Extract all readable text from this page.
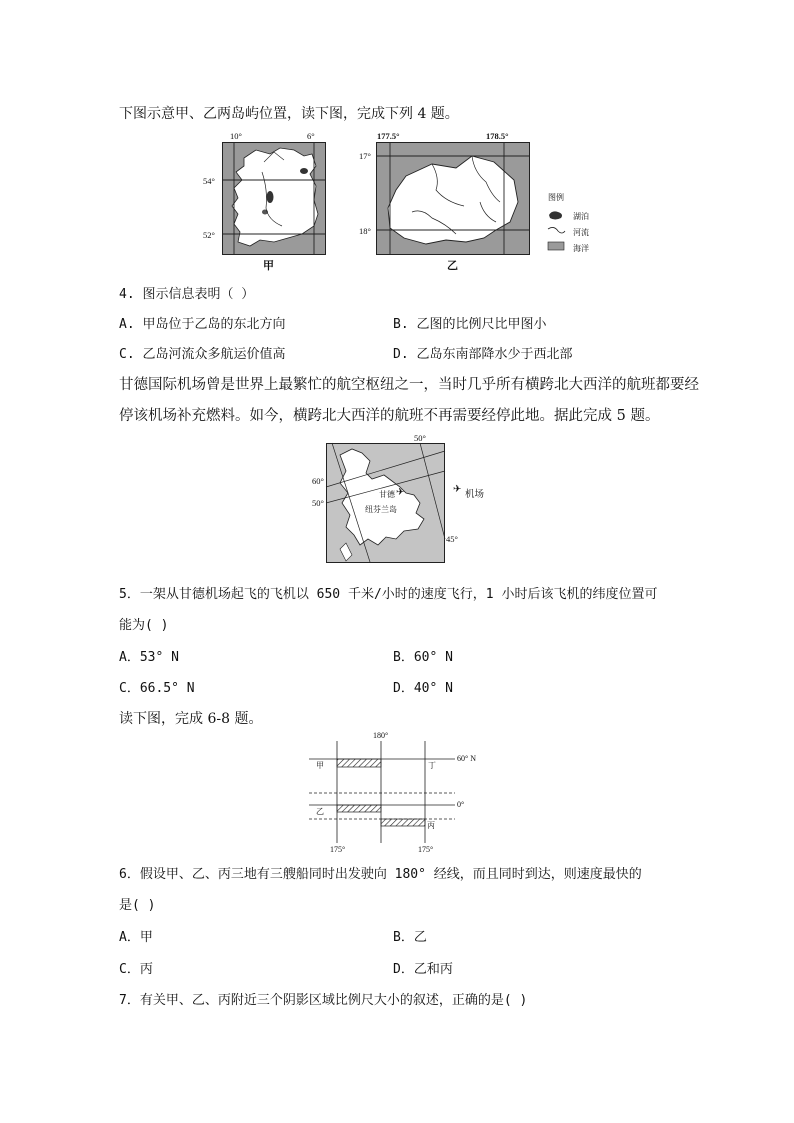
下图示意甲、乙两岛屿位置，读下图，完成下列 4 题。
10°	6°
54°
52°
甲
177.5°	178.5°
17°
18°
乙
图例
湖泊
河流
海洋
4. 图示信息表明（ ）
A. 甲岛位于乙岛的东北方向	B. 乙图的比例尺比甲图小
C. 乙岛河流众多航运价值高	D. 乙岛东南部降水少于西北部
甘德国际机场曾是世界上最繁忙的航空枢纽之一，当时几乎所有横跨北大西洋的航班都要经
停该机场补充燃料。如今，横跨北大西洋的航班不再需要经停此地。据此完成 5 题。
50°
60°
50°
45°
甘德 ✈
纽芬兰岛
✈ 机场
5．一架从甘德机场起飞的飞机以 650 千米/小时的速度飞行，1 小时后该飞机的纬度位置可
能为( )
A．53° N	B．60° N
C．66.5° N	D．40° N
读下图，完成 6-8 题。
180°
甲	丁
60° N
0°
乙
丙
175°	175°
6．假设甲、乙、丙三地有三艘船同时出发驶向 180° 经线，而且同时到达，则速度最快的
是( )
A．甲	B．乙
C．丙	D．乙和丙
7．有关甲、乙、丙附近三个阴影区域比例尺大小的叙述，正确的是( )
